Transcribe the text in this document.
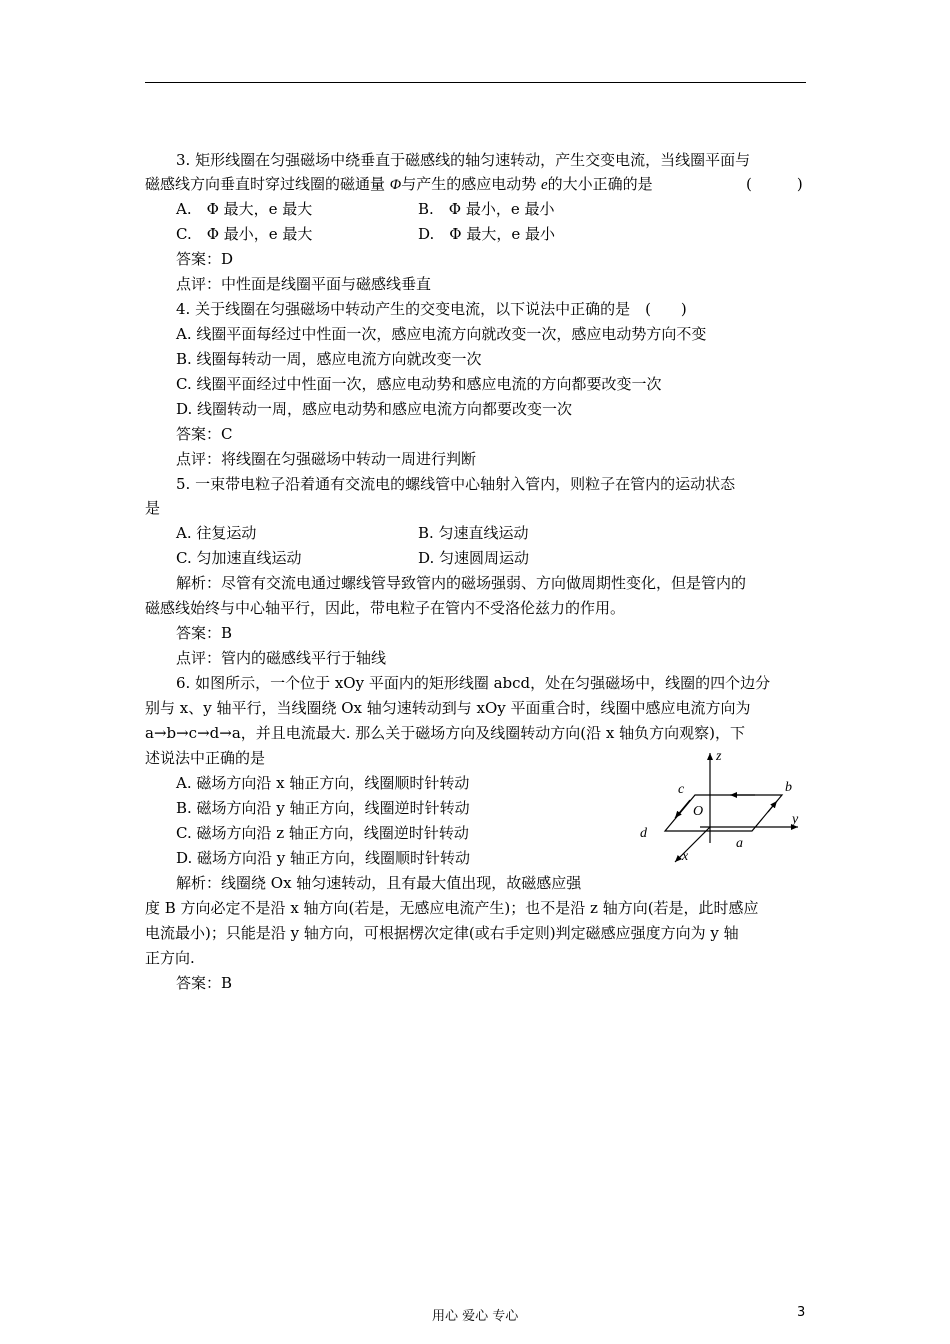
3. 矩形线圈在匀强磁场中绕垂直于磁感线的轴匀速转动，产生交变电流，当线圈平面与
磁感线方向垂直时穿过线圈的磁通量 Φ与产生的感应电动势 e的大小正确的是	(　　　)
A.　Φ 最大，e 最大	B.　Φ 最小，e 最小
C.　Φ 最小，e 最大	D.　Φ 最大，e 最小
答案：D
点评：中性面是线圈平面与磁感线垂直
4. 关于线圈在匀强磁场中转动产生的交变电流，以下说法中正确的是　(　　)
A. 线圈平面每经过中性面一次，感应电流方向就改变一次，感应电动势方向不变
B. 线圈每转动一周，感应电流方向就改变一次
C. 线圈平面经过中性面一次，感应电动势和感应电流的方向都要改变一次
D. 线圈转动一周，感应电动势和感应电流方向都要改变一次
答案：C
点评：将线圈在匀强磁场中转动一周进行判断
5. 一束带电粒子沿着通有交流电的螺线管中心轴射入管内，则粒子在管内的运动状态
是
A. 往复运动	B. 匀速直线运动
C. 匀加速直线运动	D. 匀速圆周运动
解析：尽管有交流电通过螺线管导致管内的磁场强弱、方向做周期性变化，但是管内的
磁感线始终与中心轴平行，因此，带电粒子在管内不受洛伦兹力的作用。
答案：B
点评：管内的磁感线平行于轴线
6. 如图所示，一个位于 xOy 平面内的矩形线圈 abcd，处在匀强磁场中，线圈的四个边分
别与 x、y 轴平行，当线圈绕 Ox 轴匀速转动到与 xOy 平面重合时，线圈中感应电流方向为
a→b→c→d→a，并且电流最大. 那么关于磁场方向及线圈转动方向(沿 x 轴负方向观察)，下
述说法中正确的是
A. 磁场方向沿 x 轴正方向，线圈顺时针转动
B. 磁场方向沿 y 轴正方向，线圈逆时针转动
C. 磁场方向沿 z 轴正方向，线圈逆时针转动
D. 磁场方向沿 y 轴正方向，线圈顺时针转动
解析：线圈绕 Ox 轴匀速转动，且有最大值出现，故磁感应强
度 B 方向必定不是沿 x 轴方向(若是，无感应电流产生)；也不是沿 z 轴方向(若是，此时感应
电流最小)；只能是沿 y 轴方向，可根据楞次定律(或右手定则)判定磁感应强度方向为 y 轴
正方向.
答案：B
z
y
x
O
a
b
c
d
用心 爱心 专心	3
